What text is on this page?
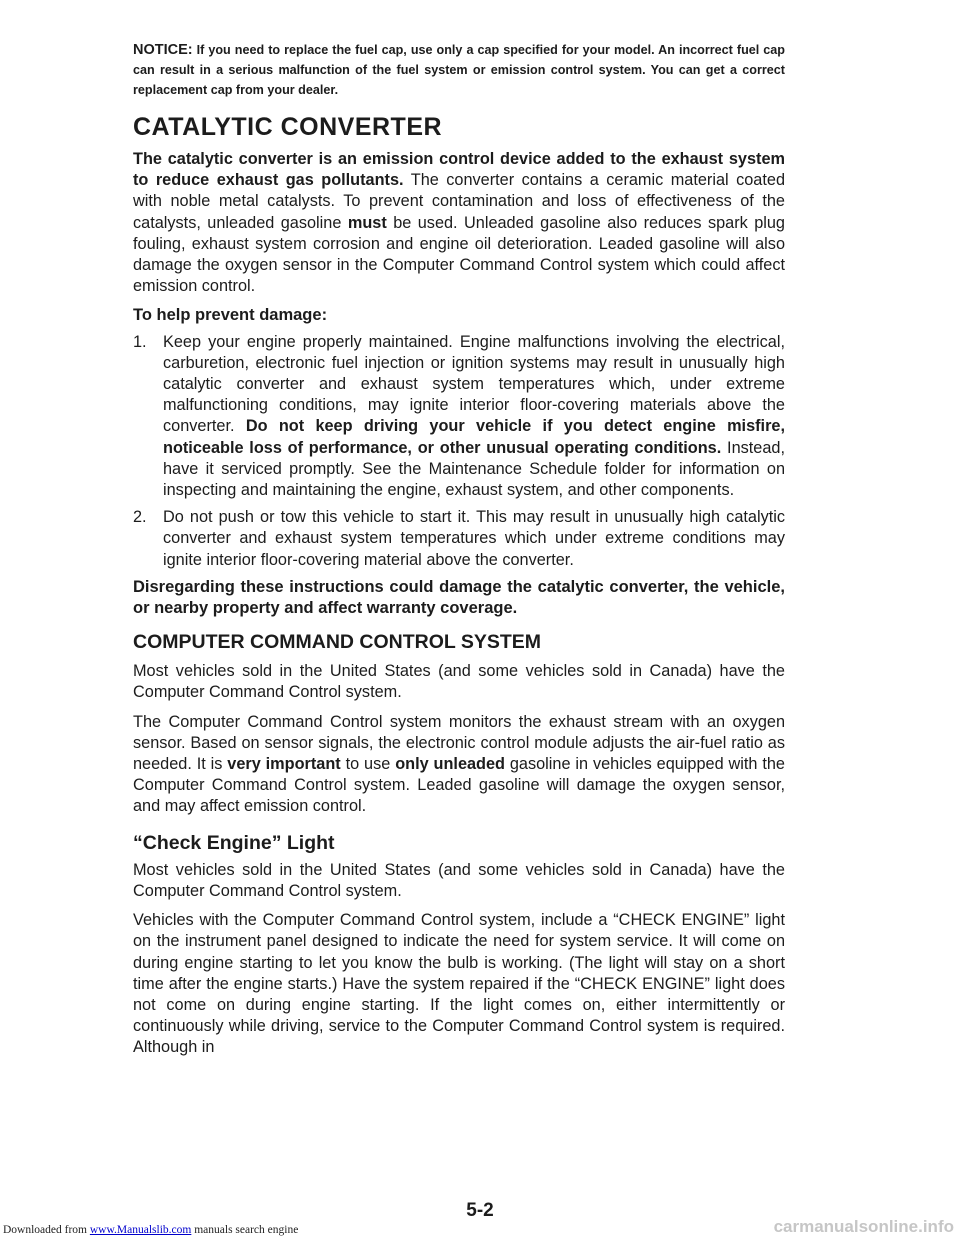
NOTICE: If you need to replace the fuel cap, use only a cap specified for your model. An incorrect fuel cap can result in a serious malfunction of the fuel system or emission control system. You can get a correct replacement cap from your dealer.

CATALYTIC CONVERTER

The catalytic converter is an emission control device added to the exhaust system to reduce exhaust gas pollutants. The converter contains a ceramic material coated with noble metal catalysts. To prevent contamination and loss of effectiveness of the catalysts, unleaded gasoline must be used. Unleaded gasoline also reduces spark plug fouling, exhaust system corrosion and engine oil deterioration. Leaded gasoline will also damage the oxygen sensor in the Computer Command Control system which could affect emission control.

To help prevent damage:

1.	Keep your engine properly maintained. Engine malfunctions involving the electrical, carburetion, electronic fuel injection or ignition systems may result in unusually high catalytic converter and exhaust system temperatures which, under extreme malfunctioning conditions, may ignite interior floor-covering materials above the converter. Do not keep driving your vehicle if you detect engine misfire, noticeable loss of performance, or other unusual operating conditions. Instead, have it serviced promptly. See the Maintenance Schedule folder for information on inspecting and maintaining the engine, exhaust system, and other components.
2.	Do not push or tow this vehicle to start it. This may result in unusually high catalytic converter and exhaust system temperatures which under extreme conditions may ignite interior floor-covering material above the converter.

Disregarding these instructions could damage the catalytic converter, the vehicle, or nearby property and affect warranty coverage.

COMPUTER COMMAND CONTROL SYSTEM

Most vehicles sold in the United States (and some vehicles sold in Canada) have the Computer Command Control system.

The Computer Command Control system monitors the exhaust stream with an oxygen sensor. Based on sensor signals, the electronic control module adjusts the air-fuel ratio as needed. It is very important to use only unleaded gasoline in vehicles equipped with the Computer Command Control system. Leaded gasoline will damage the oxygen sensor, and may affect emission control.

“Check Engine” Light

Most vehicles sold in the United States (and some vehicles sold in Canada) have the Computer Command Control system.

Vehicles with the Computer Command Control system, include a “CHECK ENGINE” light on the instrument panel designed to indicate the need for system service. It will come on during engine starting to let you know the bulb is working. (The light will stay on a short time after the engine starts.) Have the system repaired if the “CHECK ENGINE” light does not come on during engine starting. If the light comes on, either intermittently or continuously while driving, service to the Computer Command Control system is required. Although in

5-2
Downloaded from www.Manualslib.com manuals search engine	carmanualsonline.info
